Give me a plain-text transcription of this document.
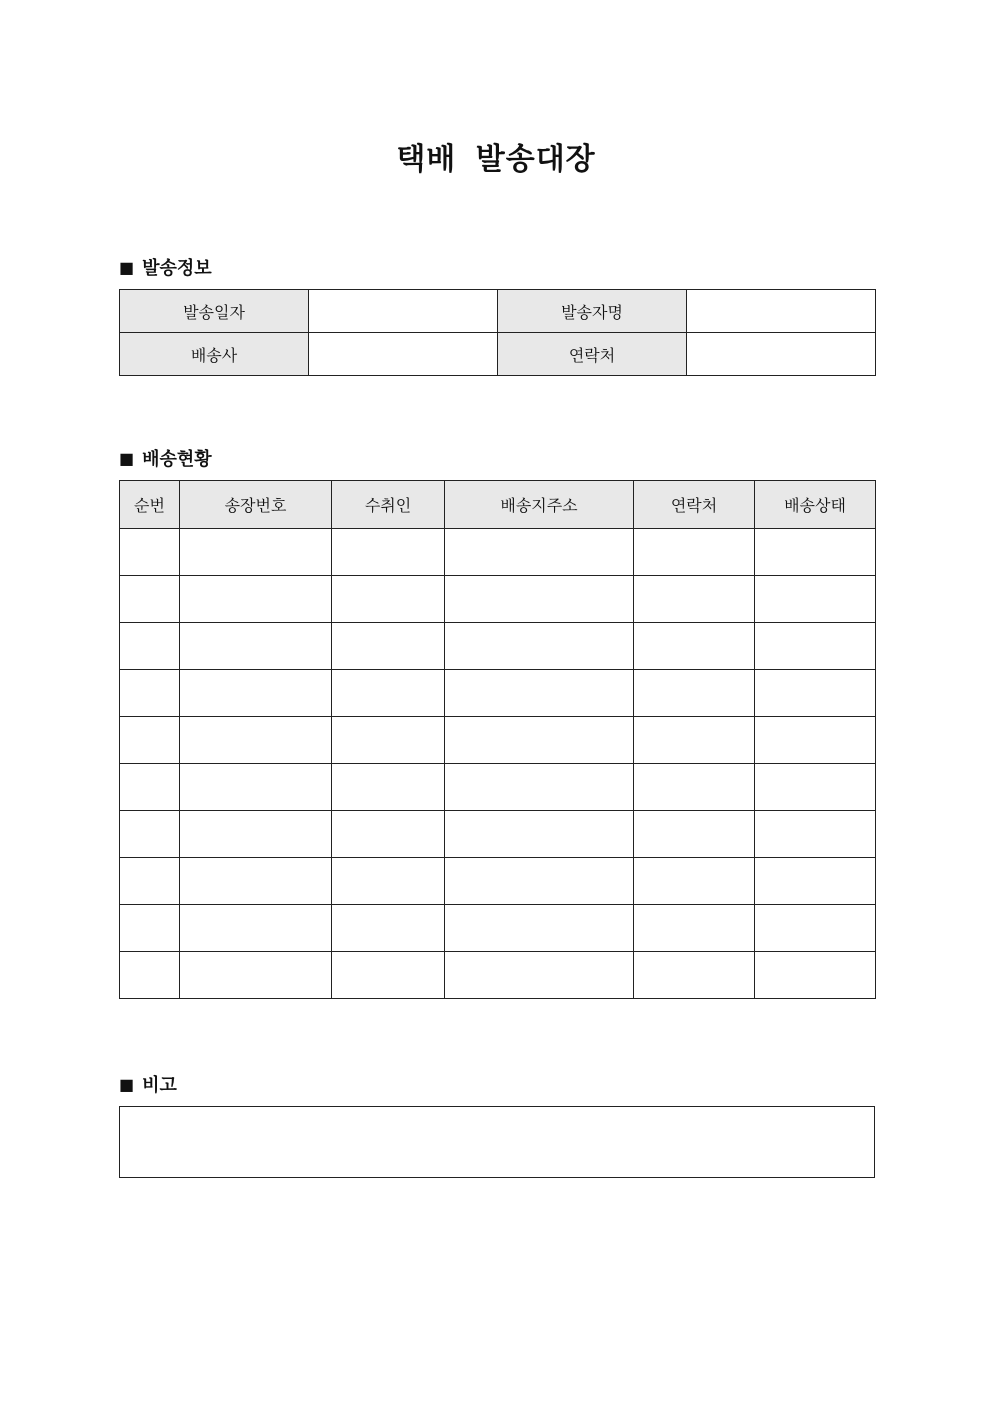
택배 발송대장
■ 발송정보
발송일자		발송자명	
배송사		연락처	
■ 배송현황
순번	송장번호	수취인	배송지주소	연락처	배송상태

■ 비고
